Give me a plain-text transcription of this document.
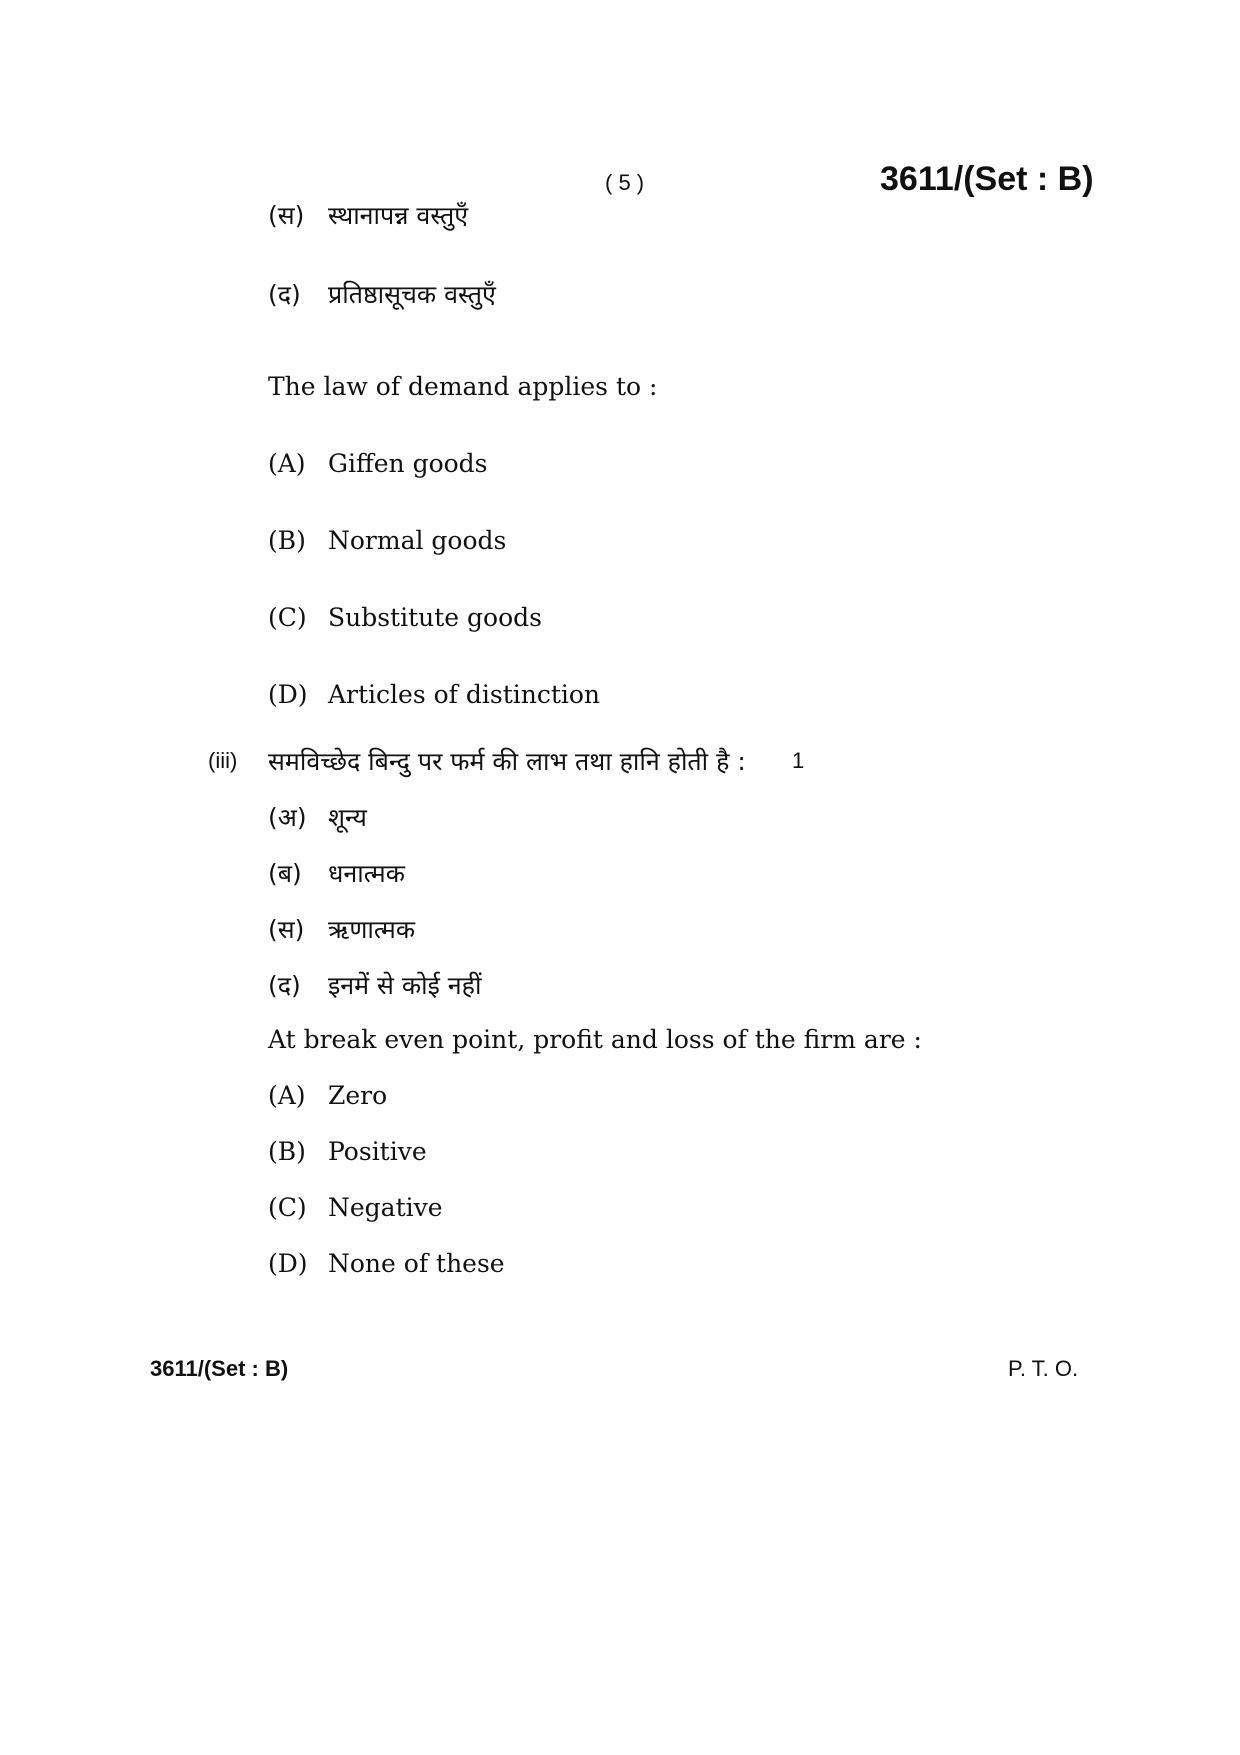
( 5 )	3611/(Set : B)
(स) स्थानापन्न वस्तुएँ
(द) प्रतिष्ठासूचक वस्तुएँ
The law of demand applies to :
(A) Giffen goods
(B) Normal goods
(C) Substitute goods
(D) Articles of distinction
(iii) समविच्छेद बिन्दु पर फर्म की लाभ तथा हानि होती है : 1
(अ) शून्य
(ब) धनात्मक
(स) ऋणात्मक
(द) इनमें से कोई नहीं
At break even point, profit and loss of the firm are :
(A) Zero
(B) Positive
(C) Negative
(D) None of these
3611/(Set : B)	P. T. O.
